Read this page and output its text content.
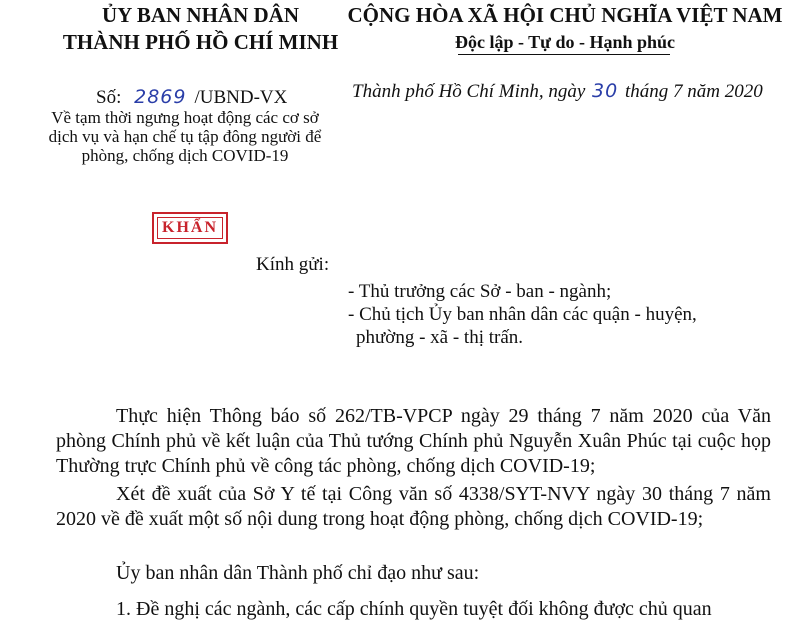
ỦY BAN NHÂN DÂN
THÀNH PHỐ HỒ CHÍ MINH
CỘNG HÒA XÃ HỘI CHỦ NGHĨA VIỆT NAM
Độc lập - Tự do - Hạnh phúc
Số: 2869 /UBND-VX	Thành phố Hồ Chí Minh, ngày 30 tháng 7 năm 2020
Về tạm thời ngưng hoạt động các cơ sở dịch vụ và hạn chế tụ tập đông người để phòng, chống dịch COVID-19
KHẨN
Kính gửi:
- Thủ trưởng các Sở - ban - ngành;
- Chủ tịch Ủy ban nhân dân các quận - huyện,
phường - xã - thị trấn.
Thực hiện Thông báo số 262/TB-VPCP ngày 29 tháng 7 năm 2020 của Văn phòng Chính phủ về kết luận của Thủ tướng Chính phủ Nguyễn Xuân Phúc tại cuộc họp Thường trực Chính phủ về công tác phòng, chống dịch COVID-19;
Xét đề xuất của Sở Y tế tại Công văn số 4338/SYT-NVY ngày 30 tháng 7 năm 2020 về đề xuất một số nội dung trong hoạt động phòng, chống dịch COVID-19;
Ủy ban nhân dân Thành phố chỉ đạo như sau:
1. Đề nghị các ngành, các cấp chính quyền tuyệt đối không được chủ quan
